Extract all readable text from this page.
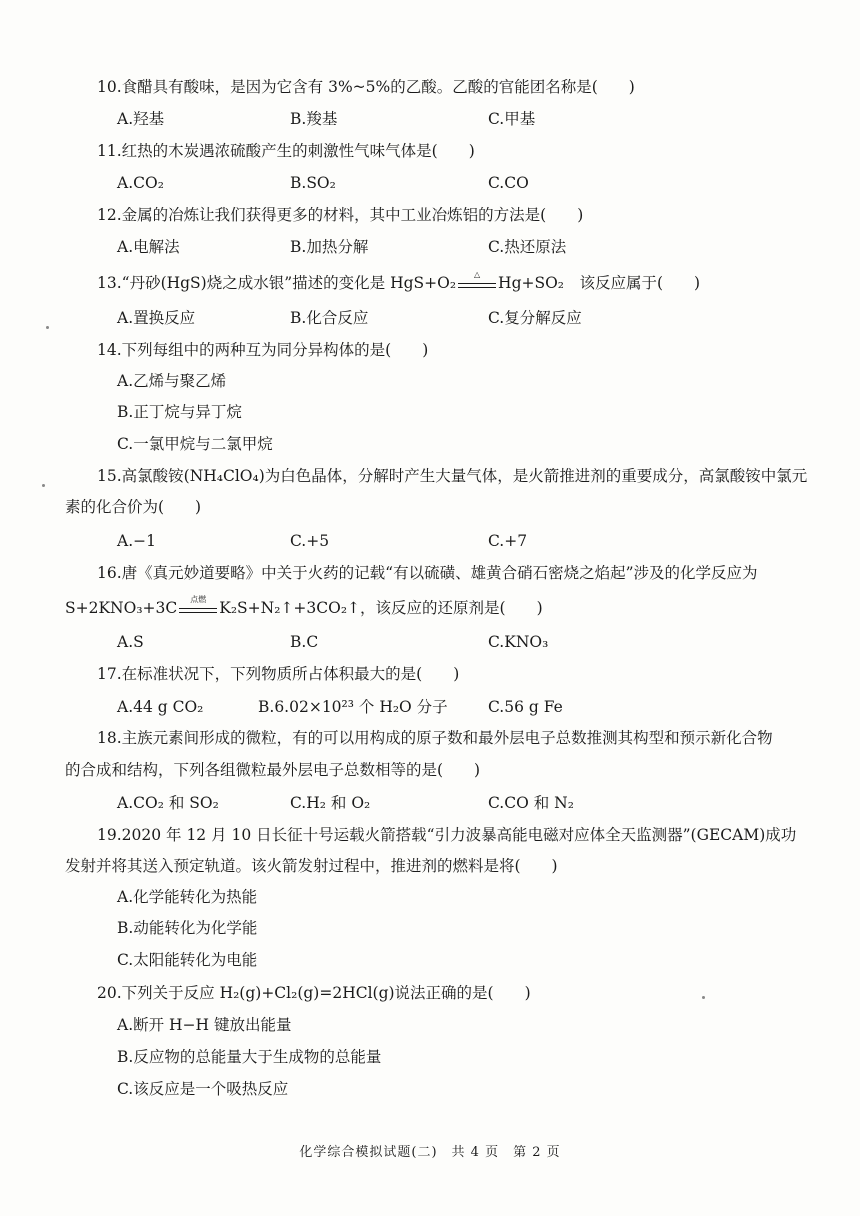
10.食醋具有酸味，是因为它含有 3%~5%的乙酸。乙酸的官能团名称是(　　)
A.羟基	B.羧基	C.甲基
11.红热的木炭遇浓硫酸产生的刺激性气味气体是(　　)
A.CO₂	B.SO₂	C.CO
12.金属的冶炼让我们获得更多的材料，其中工业冶炼铝的方法是(　　)
A.电解法	B.加热分解	C.热还原法
13.“丹砂(HgS)烧之成水银”描述的变化是 HgS+O₂	△	Hg+SO₂　该反应属于(　　)
A.置换反应	B.化合反应	C.复分解反应
14.下列每组中的两种互为同分异构体的是(　　)
A.乙烯与聚乙烯
B.正丁烷与异丁烷
C.一氯甲烷与二氯甲烷
15.高氯酸铵(NH₄ClO₄)为白色晶体，分解时产生大量气体，是火箭推进剂的重要成分，高氯酸铵中氯元
素的化合价为(　　)
A.−1	C.+5	C.+7
16.唐《真元妙道要略》中关于火药的记载“有以硫磺、雄黄合硝石密烧之焰起”涉及的化学反应为
S+2KNO₃+3C	点燃 K₂S+N₂↑+3CO₂↑，该反应的还原剂是(　　)
A.S	B.C	C.KNO₃
17.在标准状况下，下列物质所占体积最大的是(　　)
A.44 g CO₂	B.6.02×10²³ 个 H₂O 分子	C.56 g Fe
18.主族元素间形成的微粒，有的可以用构成的原子数和最外层电子总数推测其构型和预示新化合物
的合成和结构，下列各组微粒最外层电子总数相等的是(　　)
A.CO₂ 和 SO₂	C.H₂ 和 O₂	C.CO 和 N₂
19.2020 年 12 月 10 日长征十号运载火箭搭载“引力波暴高能电磁对应体全天监测器”(GECAM)成功
发射并将其送入预定轨道。该火箭发射过程中，推进剂的燃料是将(　　)
A.化学能转化为热能
B.动能转化为化学能
C.太阳能转化为电能
20.下列关于反应 H₂(g)+Cl₂(g)=2HCl(g)说法正确的是(　　)
A.断开 H−H 键放出能量
B.反应物的总能量大于生成物的总能量
C.该反应是一个吸热反应
化学综合模拟试题(二)　共 4 页　第 2 页
